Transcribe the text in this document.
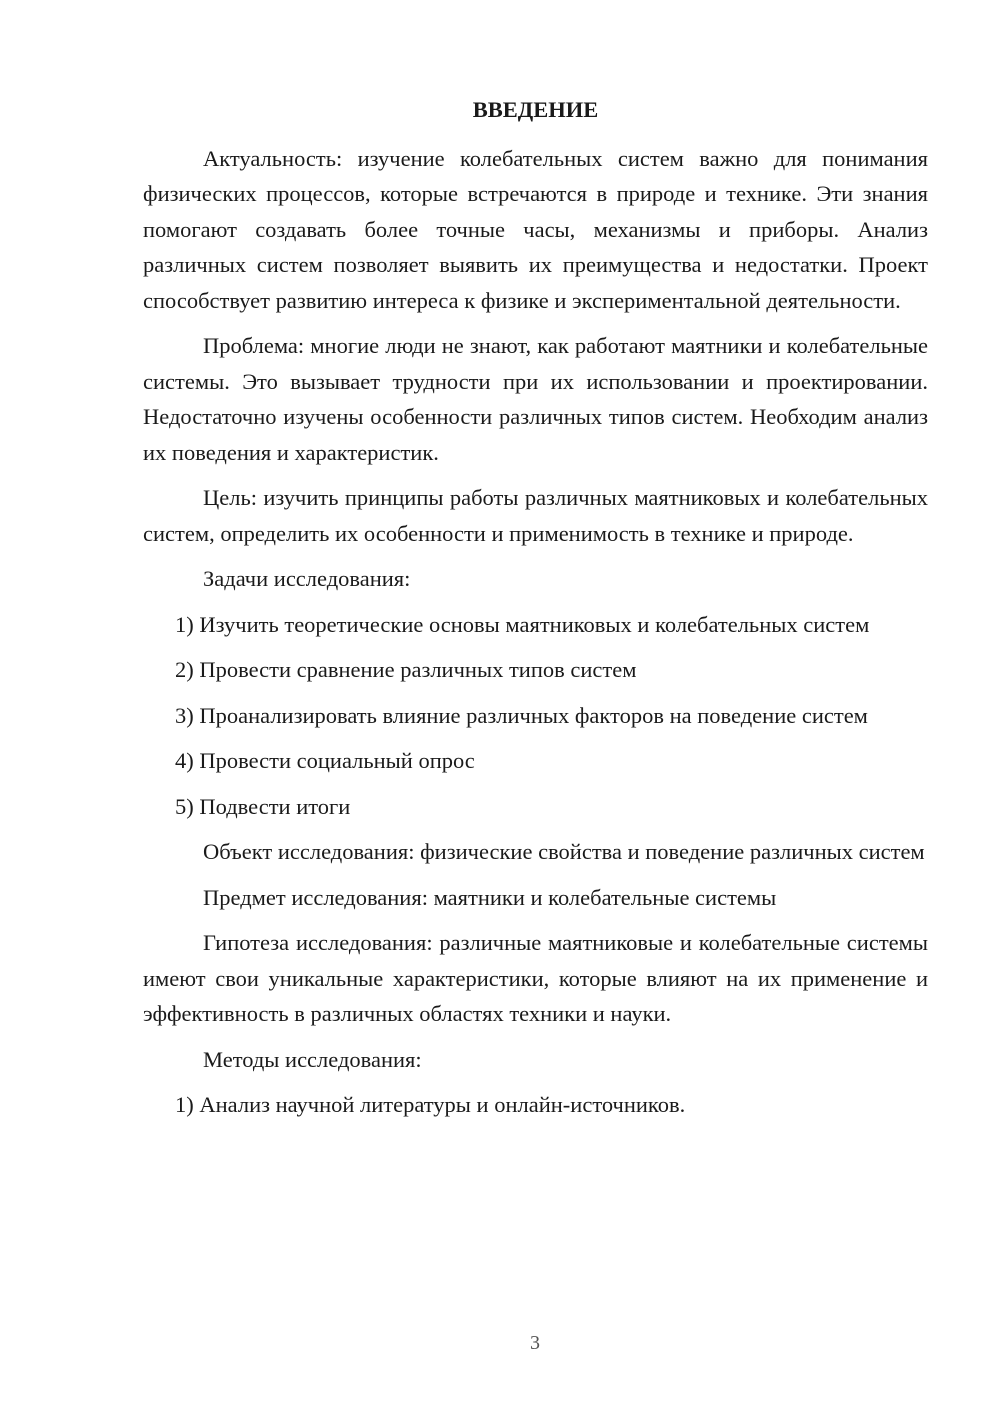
ВВЕДЕНИЕ

Актуальность: изучение колебательных систем важно для понимания физических процессов, которые встречаются в природе и технике. Эти знания помогают создавать более точные часы, механизмы и приборы. Анализ различных систем позволяет выявить их преимущества и недостатки. Проект способствует развитию интереса к физике и экспериментальной деятельности.

Проблема: многие люди не знают, как работают маятники и колебательные системы. Это вызывает трудности при их использовании и проектировании. Недостаточно изучены особенности различных типов систем. Необходим анализ их поведения и характеристик.

Цель: изучить принципы работы различных маятниковых и колебательных систем, определить их особенности и применимость в технике и природе.

Задачи исследования:

1) Изучить теоретические основы маятниковых и колебательных систем

2) Провести сравнение различных типов систем

3) Проанализировать влияние различных факторов на поведение систем

4) Провести социальный опрос

5) Подвести итоги

Объект исследования: физические свойства и поведение различных систем

Предмет исследования: маятники и колебательные системы

Гипотеза исследования: различные маятниковые и колебательные системы имеют свои уникальные характеристики, которые влияют на их применение и эффективность в различных областях техники и науки.

Методы исследования:

1) Анализ научной литературы и онлайн-источников.

3
